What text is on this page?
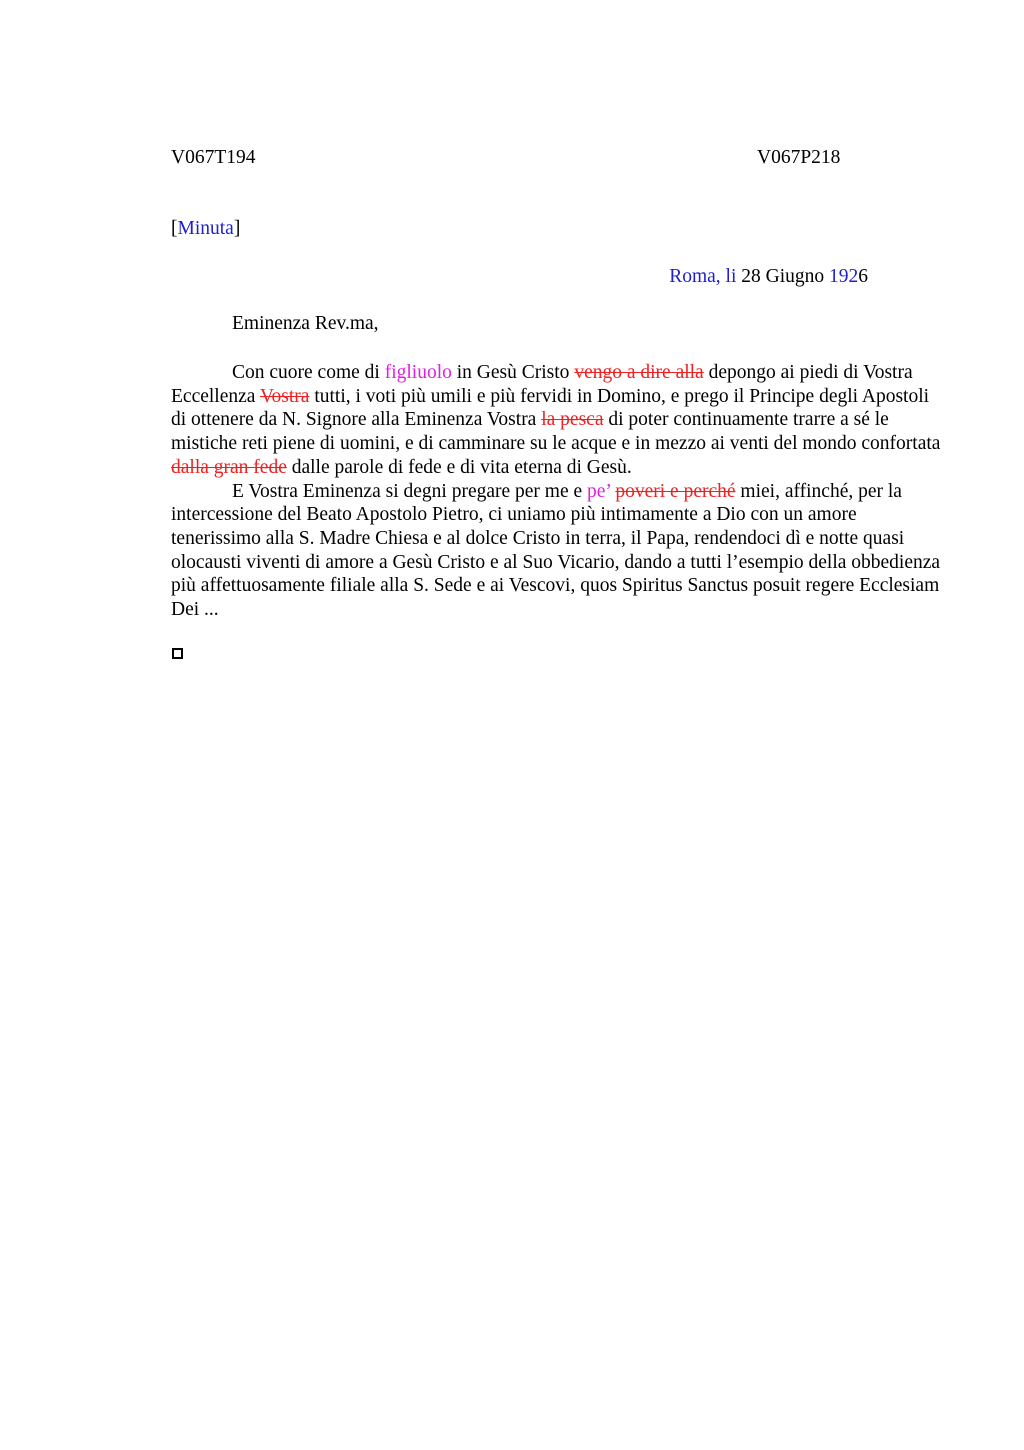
V067T194	V067P218
[Minuta]
Roma, li 28 Giugno 1926
Eminenza Rev.ma,

Con cuore come di figliuolo in Gesù Cristo vengo a dire alla depongo ai piedi di Vostra Eccellenza Vostra tutti, i voti più umili e più fervidi in Domino, e prego il Principe degli Apostoli di ottenere da N. Signore alla Eminenza Vostra la pesca di poter continuamente trarre a sé le mistiche reti piene di uomini, e di camminare su le acque e in mezzo ai venti del mondo confortata dalla gran fede dalle parole di fede e di vita eterna di Gesù.

E Vostra Eminenza si degni pregare per me e pe’ poveri e perché miei, affinché, per la intercessione del Beato Apostolo Pietro, ci uniamo più intimamente a Dio con un amore tenerissimo alla S. Madre Chiesa e al dolce Cristo in terra, il Papa, rendendoci dì e notte quasi olocausti viventi di amore a Gesù Cristo e al Suo Vicario, dando a tutti l’esempio della obbedienza più affettuosamente filiale alla S. Sede e ai Vescovi, quos Spiritus Sanctus posuit regere Ecclesiam Dei ...
